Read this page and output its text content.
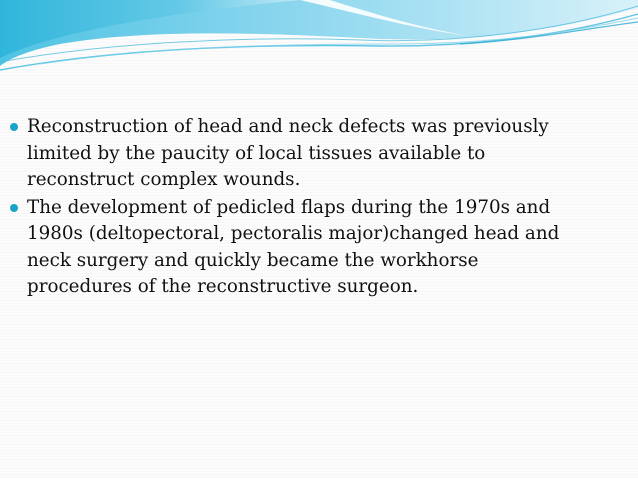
Reconstruction of head and neck defects was previously
limited by the paucity of local tissues available to
reconstruct complex wounds.
The development of pedicled flaps during the 1970s and
1980s (deltopectoral, pectoralis major)changed head and
neck surgery and quickly became the workhorse
procedures of the reconstructive surgeon.
